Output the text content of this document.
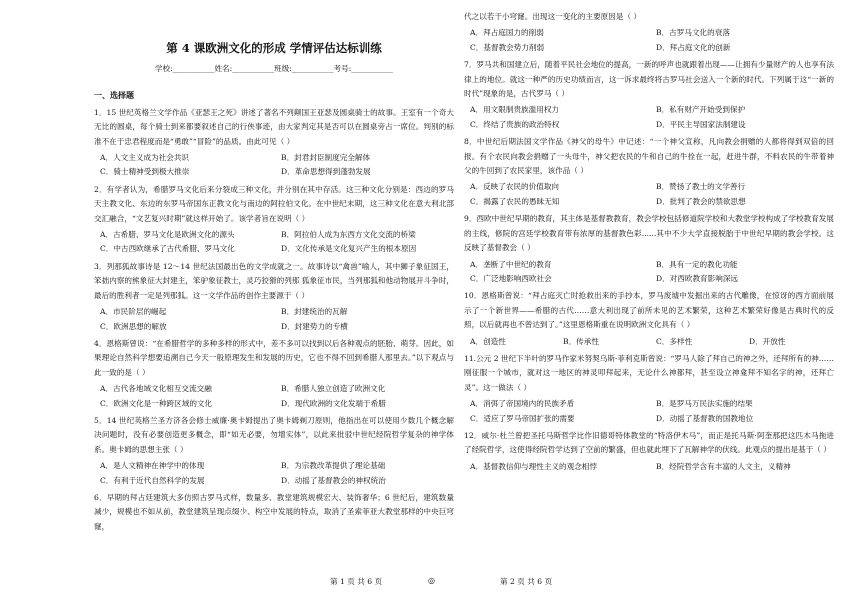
第 4 课欧洲文化的形成 学情评估达标训练
学校:___________姓名:___________班级:___________考号:___________
一、选择题
1．15 世纪英格兰文学作品《亚瑟王之死》讲述了著名不列颠国王亚瑟及圆桌骑士的故事。王室有一个奇大无比的圆桌，每个骑士到来都要叙述自己的行侠事迹，由大家判定其是否可以在圆桌旁占一席位。判别的标准不在于忠君程度而是“勇敢”“冒险”的品质。由此可见（ ）
A．人文主义成为社会共识	B．封君封臣制度完全解体
C．骑士精神受到极大推崇	D．革命思想得到蓬勃发展
2．有学者认为，希腊罗马文化后来分裂成三种文化，并分别在其中存活。这三种文化分别是：西边的罗马天主教文化、东边的东罗马帝国东正教文化与南边的阿拉伯文化。在中世纪末期，这三种文化在意大利北部交汇融合，“文艺复兴时期”就这样开始了。该学者旨在说明（ ）
A．古希腊、罗马文化是欧洲文化的源头	B．阿拉伯人成为东西方文化交流的桥梁
C．中古西欧继承了古代希腊、罗马文化	D．文化传承是文化复兴产生的根本原因
3．列那狐故事诗是 12～14 世纪法国最出色的文学成就之一。故事诗以“禽兽”喻人，其中狮子象征国王，笨拙内察的熊象征大封建主，笨驴象征教士，灵巧狡猾的列那 狐象征市民，当列那狐和他动物展开斗争时，最后的胜利者一定是列那狐。这一文学作品的创作主要源于（ ）
A．市民阶层的崛起	B．封建统治的瓦解
C．欧洲思想的解放	D．封建势力的专横
4．恩格斯曾说：“在希腊哲学的多种多样的形式中，差不多可以找到以后各种观点的胚胎、萌芽。因此，如果理论自然科学想要追溯自己今天一般原理发生和发展的历史，它也不得不回到希腊人那里去。”以下观点与此一致的是（ ）
A．古代各地域文化相互交流交融	B．希腊人独立创造了欧洲文化
C．欧洲文化是一种跨区域的文化	D．现代欧洲的文化发端于希腊
5．14 世纪英格兰圣方济各会修士威廉·奥卡姆提出了奥卡姆剃刀原则，他指出在可以使用少数几个概念解决问题时，没有必要创造更多概念，即“如无必要，勿增实体”，以此来批驳中世纪经院哲学复杂的神学体系。奥卡姆的思想主张（ ）
A．是人文精神在神学中的体现	B．为宗教改革提供了理论基础
C．有利于近代自然科学的发展	D．动摇了基督教会的神权统治
6．早期的拜占廷建筑大多仿照古罗马式样，数量多、教堂建筑规模宏大、装饰奢华；6 世纪后，建筑数量减少，规模也不如从前，教堂建筑呈现点缀少、构空中发展的特点，取消了圣索菲亚大教堂那样的中央巨穹窿，
代之以若干小穹窿。出现这一变化的主要原因是（ ）
A．拜占庭国力的削弱	B．古罗马文化的衰落
C．基督教会势力削弱	D．拜占庭文化的创新
7．罗马共和国建立后，随着平民社会地位的提高，一新的呼声也就跟着出现——让拥有少量财产的人也享有法律上的地位。就这一种严的历史功绩而言，这一诉求最终将古罗马社会送入一个新的时代。下列属于这“一新的时代”现象的是，古代罗马（ ）
A．用文限制贵族滥用权力	B．私有财产开始受到保护
C．终结了贵族的政治特权	D．平民主导国家法制建设
8．中世纪后期法国文学作品《神父的母牛》中记述：“一个神父宣称，凡向教会捐赠的人都将得到双倍的回报。有个农民向教会捐赠了一头母牛，神父把农民的牛和自己的牛拴在一起，赶进牛群，不料农民的牛带着神父的牛回到了农民家里，该作品（ ）
A．反映了农民的价值取向	B．赞扬了教士的文学善行
C．揭露了农民的愚昧无知	D．批判了教会的禁欲思想
9．西欧中世纪早期的教育，其主体是基督教教育，教会学校包括修道院学校和大教堂学校构成了学校教育发展的主线，修院的宫廷学校教育带有浓厚的基督教色彩......其中不少大学直接脱胎于中世纪早期的教会学校。这反映了基督教会（ ）
A．垄断了中世纪的教育	B．具有一定的教化功能
C．广泛地影响西欧社会	D．对西欧教育影响深远
10．恩格斯曾说：“拜占庭灭亡时抢救出来的手抄本，罗马废墟中发掘出来的古代雕像，在惊讶的西方面前展示了一个新世界——希腊的古代……意大利出现了前所未见的艺术繁荣，这种艺术繁荣好像是古典时代的反照，以后就再也不曾达到了。”这里恩格斯重在说明欧洲文化具有（ ）
A．创造性	B．传承性	C．多样性	D．开放性
11.公元 2 世纪下半叶的罗马作家米努契乌斯·菲利克斯曾说：“罗马人除了拜自己的神之外，还拜所有的神……刚征服一个城市，就对这一地区的神灵叩拜起来，无论什么神都拜，甚至设立神龛拜不知名字的神，还拜亡灵”。这一做法（ ）
A．消弭了帝国境内的民族矛盾	B．是罗马万民法实施的结果
C．适应了罗马帝国扩张的需要	D．动摇了基督教的国教地位
12．威尔·杜兰曾把圣托马斯哲学比作旧德哥特体教堂的“特洛伊木马”，而正是托马斯·阿奎那把这匹木马拖进了经院哲学，这使得经院哲学达到了空前的繁盛，但也就此埋下了瓦解神学的伏线。此观点的提出是基于（ ）
A．基督教信仰与理性主义的观念相悖	B．经院哲学含有丰富的人文主，义精神
第 1 页 共 6 页	◎	第 2 页 共 6 页
